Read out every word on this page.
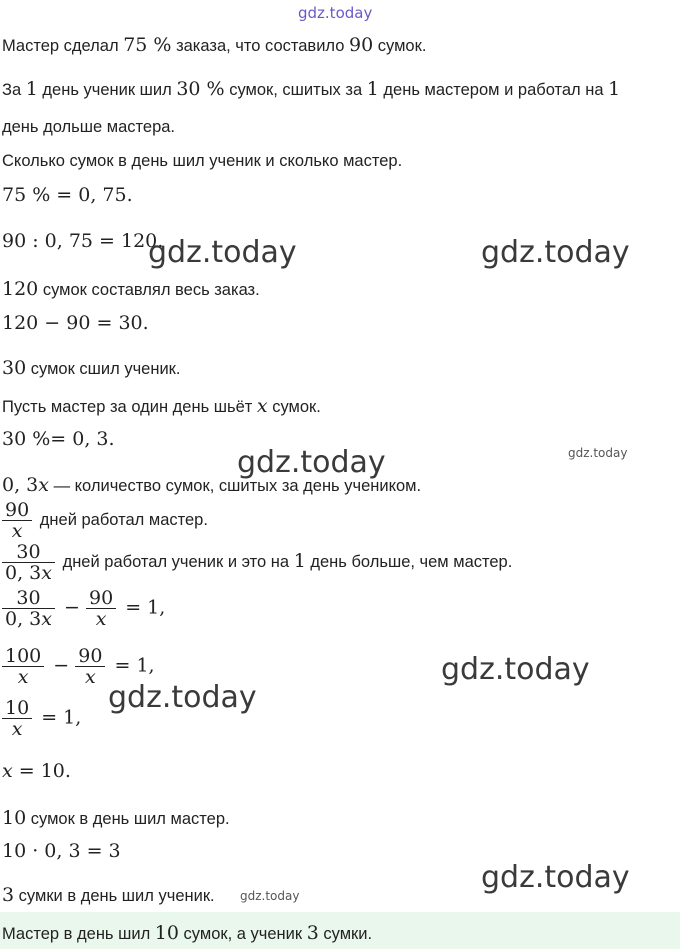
gdz.today
Мастер сделал 75 % заказа, что составило 90 сумок.
За 1 день ученик шил 30 % сумок, сшитых за 1 день мастером и работал на 1
день дольше мастера.
Сколько сумок в день шил ученик и сколько мастер.
75 % = 0, 75.
90 : 0, 75 = 120.
120 сумок составлял весь заказ.
120 − 90 = 30.
30 сумок сшил ученик.
Пусть мастер за один день шьёт x сумок.
30 %= 0, 3.
0, 3x — количество сумок, сшитых за день учеником.
$\frac{90}{x}$ дней работал мастер.
$\frac{30}{0, 3x}$ дней работал ученик и это на 1 день больше, чем мастер.
$\frac{30}{0, 3x} - \frac{90}{x} = 1$,
$\frac{100}{x} - \frac{90}{x} = 1$,
$\frac{10}{x} = 1$,
x = 10.
10 сумок в день шил мастер.
10 · 0, 3 = 3
3 сумки в день шил ученик. gdz.today
Мастер в день шил 10 сумок, а ученик 3 сумки.
gdz.today	gdz.today
gdz.today	gdz.today
gdz.today
gdz.today
gdz.today
